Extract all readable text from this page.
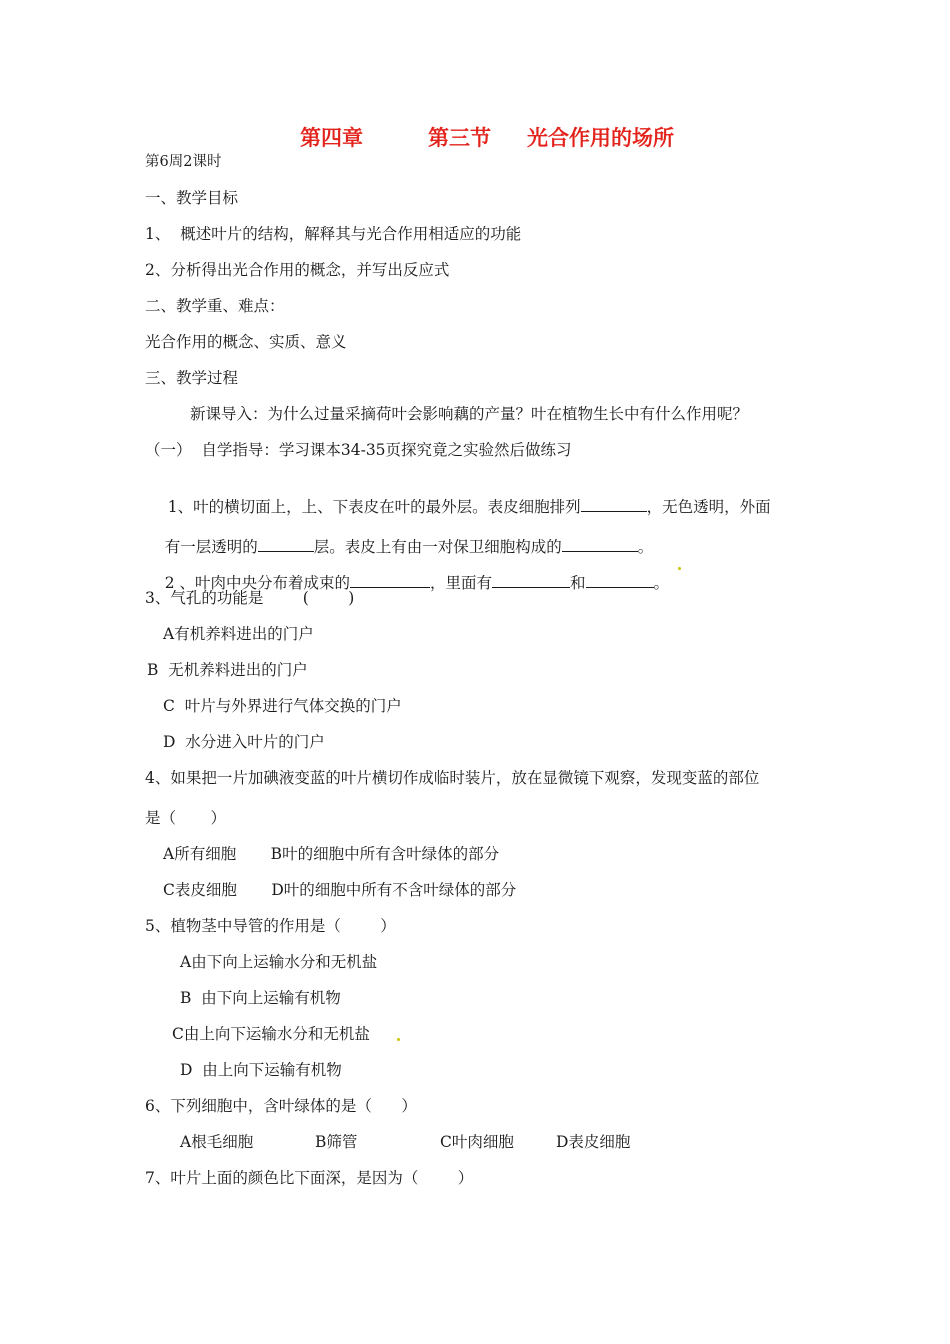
第四章

	第三节

光合作用的场所

第6周2课时
一、教学目标
1、  概述叶片的结构，解释其与光合作用相适应的功能
2、分析得出光合作用的概念，并写出反应式
二、教学重、难点：
光合作用的概念、实质、意义
三、教学过程
新课导入：为什么过量采摘荷叶会影响藕的产量？叶在植物生长中有什么作用呢？
（一）  自学指导：学习课本34-35页探究竟之实验然后做练习

1、叶的横切面上，上、下表皮在叶的最外层。表皮细胞排列	，无色透明，外面

有一层透明的	层。表皮上有由一对保卫细胞构成的	。

2 、叶肉中央分布着成束的	，里面有	和	。

3、气孔的功能是        (        )
A有机养料进出的门户
B  无机养料进出的门户
C  叶片与外界进行气体交换的门户
D  水分进入叶片的门户
4、如果把一片加碘液变蓝的叶片横切作成临时装片，放在显微镜下观察，发现变蓝的部位
是（       ）
A所有细胞       B叶的细胞中所有含叶绿体的部分
C表皮细胞       D叶的细胞中所有不含叶绿体的部分
5、植物茎中导管的作用是（        ）
A由下向上运输水分和无机盐
B  由下向上运输有机物
C由上向下运输水分和无机盐
D  由上向下运输有机物
6、下列细胞中，含叶绿体的是（      ）
A根毛细胞	B筛管	C叶肉细胞	D表皮细胞
7、叶片上面的颜色比下面深，是因为（        ）
